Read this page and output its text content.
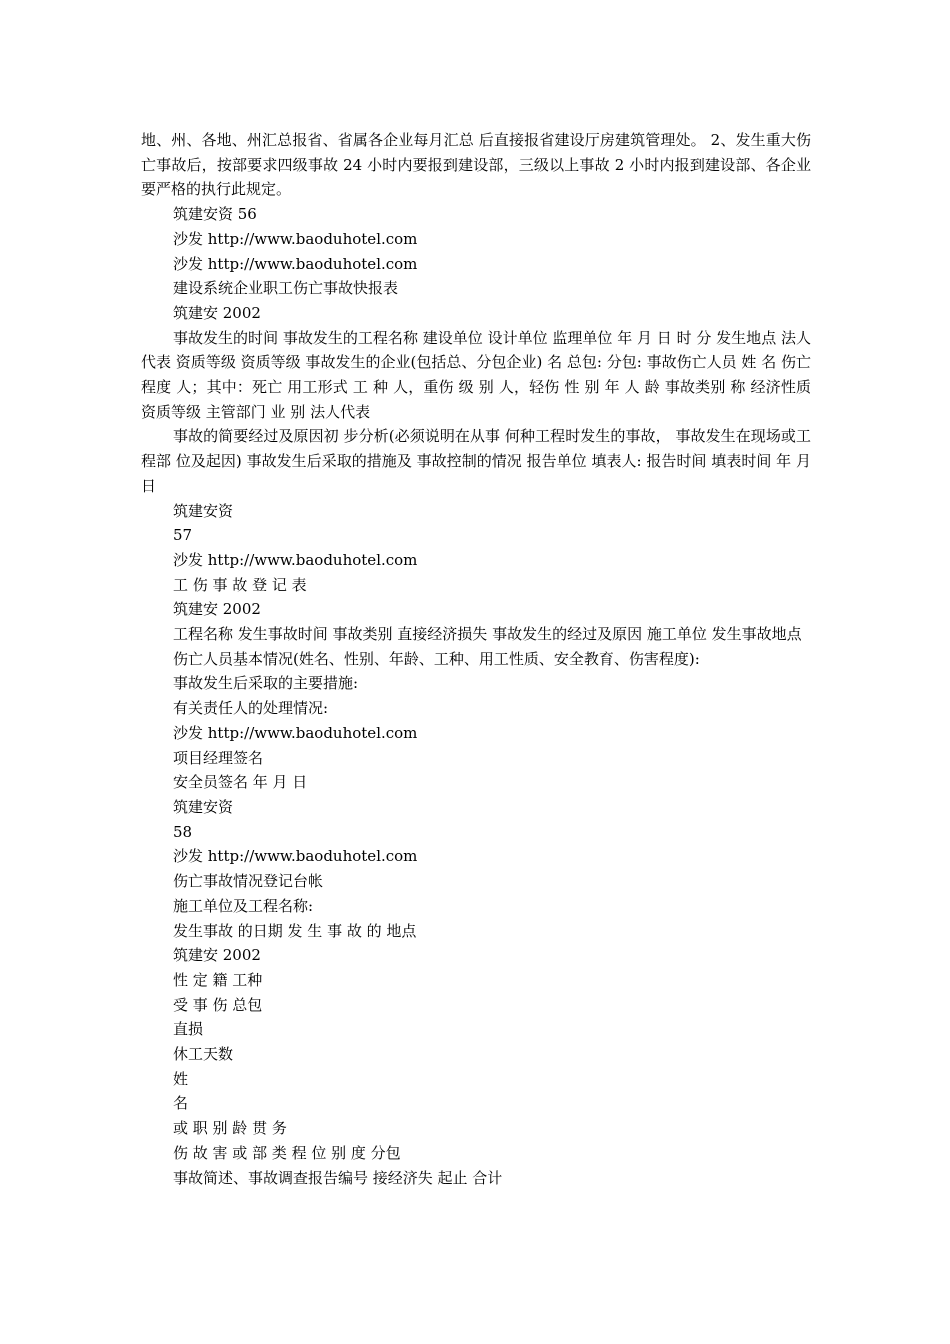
地、州、各地、州汇总报省、省属各企业每月汇总 后直接报省建设厅房建筑管理处。 2、发生重大伤亡事故后，按部要求四级事故 24 小时内要报到建设部，三级以上事故 2 小时内报到建设部、各企业要严格的执行此规定。

筑建安资 56

沙发 http://www.baoduhotel.com

沙发 http://www.baoduhotel.com

建设系统企业职工伤亡事故快报表

筑建安 2002

事故发生的时间 事故发生的工程名称 建设单位 设计单位 监理单位 年 月 日 时 分 发生地点 法人代表 资质等级 资质等级 事故发生的企业(包括总、分包企业) 名 总包: 分包: 事故伤亡人员 姓 名 伤亡程度 人；其中：死亡 用工形式 工 种 人，重伤 级 别 人，轻伤 性 别 年 人 龄 事故类别 称 经济性质 资质等级 主管部门 业 别 法人代表

事故的简要经过及原因初 步分析(必须说明在从事 何种工程时发生的事故， 事故发生在现场或工程部 位及起因) 事故发生后采取的措施及 事故控制的情况 报告单位 填表人: 报告时间 填表时间 年 月 日

筑建安资

57

沙发 http://www.baoduhotel.com

工 伤 事 故 登 记 表

筑建安 2002

工程名称 发生事故时间 事故类别 直接经济损失 事故发生的经过及原因 施工单位 发生事故地点

伤亡人员基本情况(姓名、性别、年龄、工种、用工性质、安全教育、伤害程度):

事故发生后采取的主要措施:

有关责任人的处理情况:

沙发 http://www.baoduhotel.com

项目经理签名

安全员签名 年 月 日

筑建安资

58

沙发 http://www.baoduhotel.com

伤亡事故情况登记台帐

施工单位及工程名称:

发生事故 的日期 发 生 事 故 的 地点

筑建安 2002

性 定 籍 工种

受 事 伤 总包

直损

休工天数

姓

名

或 职 别 龄 贯 务

伤 故 害 或 部 类 程 位 别 度 分包

事故简述、事故调查报告编号 接经济失 起止 合计
